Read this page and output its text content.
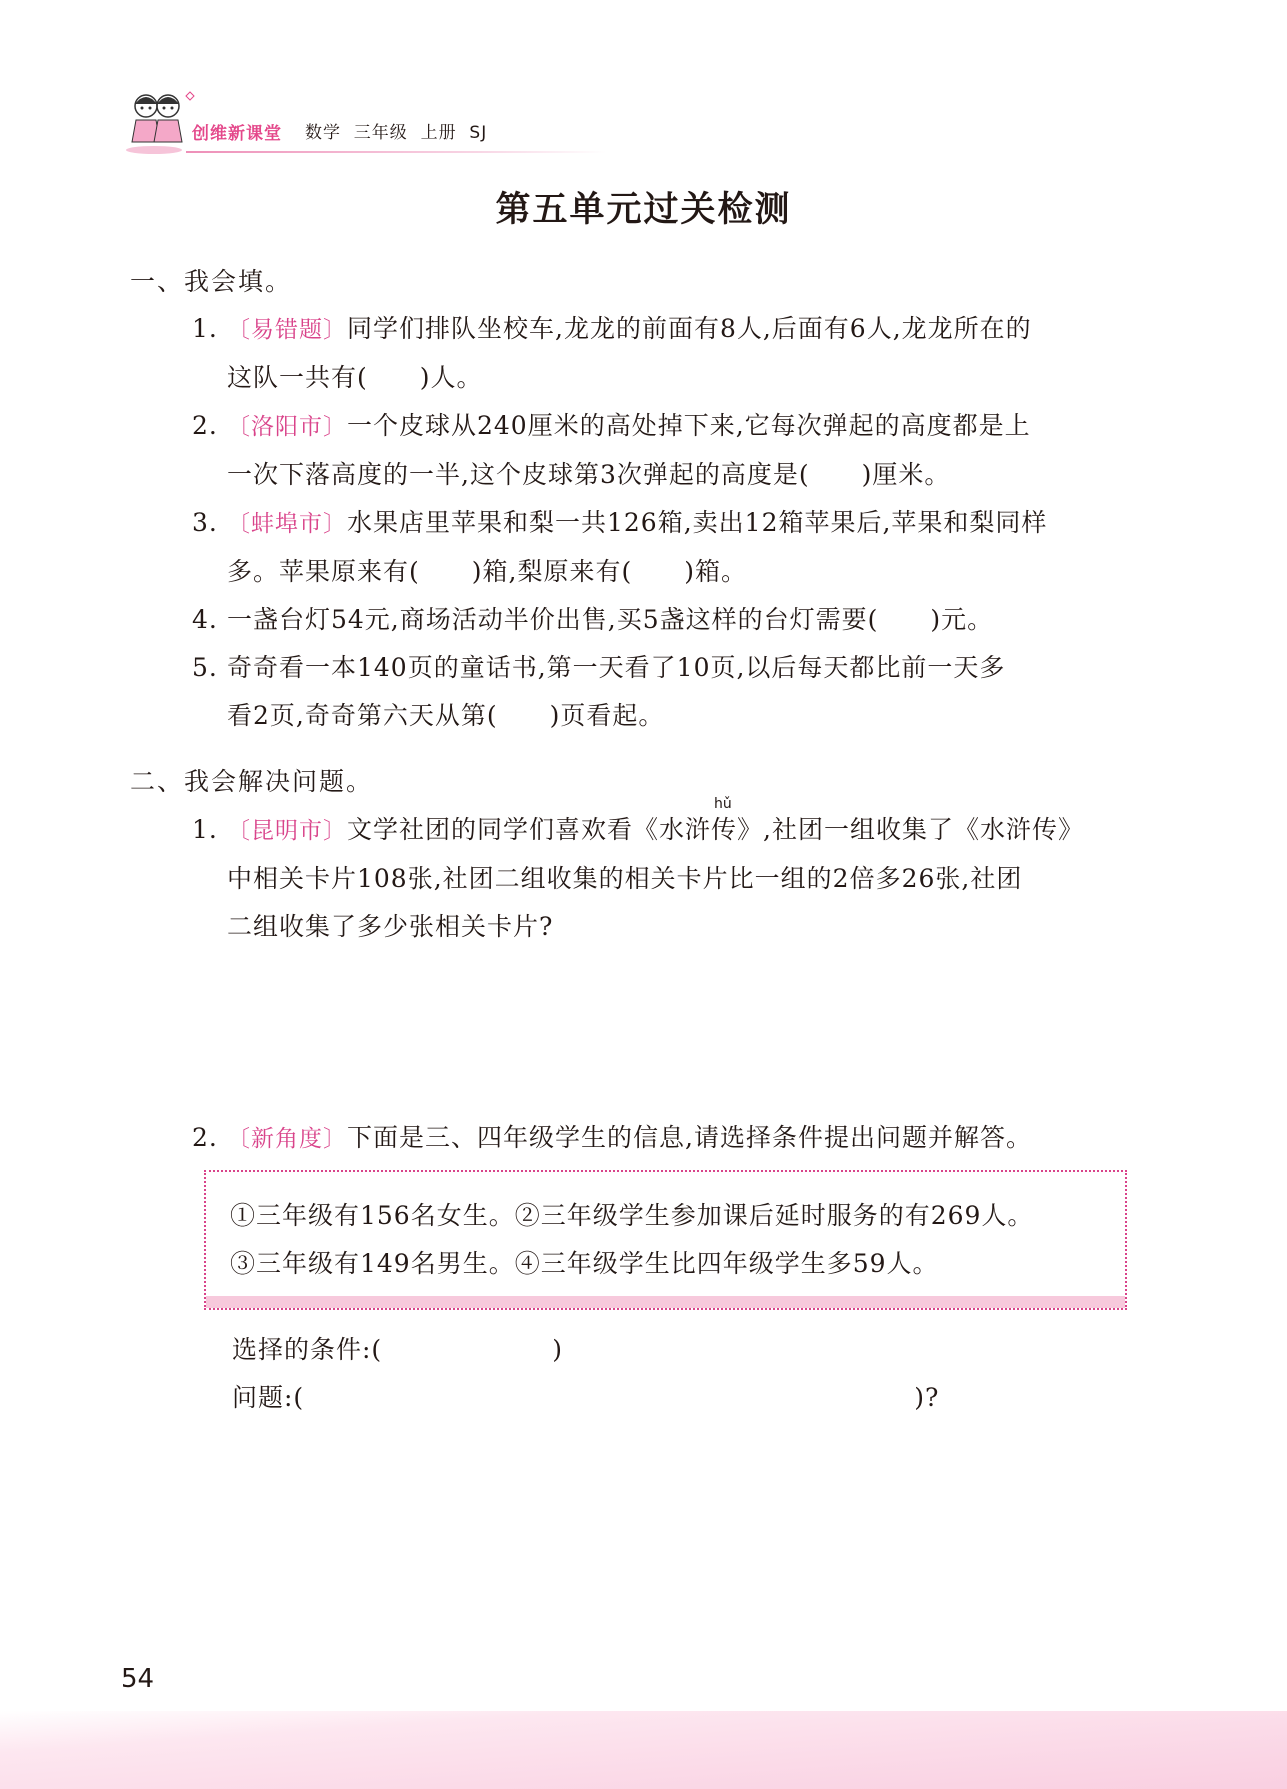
创维新课堂 数学  三年级  上册  SJ
第五单元过关检测
一、我会填。
1. 〔易错题〕同学们排队坐校车,龙龙的前面有8人,后面有6人,龙龙所在的
这队一共有( )人。
2. 〔洛阳市〕一个皮球从240厘米的高处掉下来,它每次弹起的高度都是上
一次下落高度的一半,这个皮球第3次弹起的高度是( )厘米。
3. 〔蚌埠市〕水果店里苹果和梨一共126箱,卖出12箱苹果后,苹果和梨同样
多。苹果原来有( )箱,梨原来有( )箱。
4. 一盏台灯54元,商场活动半价出售,买5盏这样的台灯需要( )元。
5. 奇奇看一本140页的童话书,第一天看了10页,以后每天都比前一天多
看2页,奇奇第六天从第( )页看起。
二、我会解决问题。
hǔ
1. 〔昆明市〕文学社团的同学们喜欢看《水浒传》,社团一组收集了《水浒传》
中相关卡片108张,社团二组收集的相关卡片比一组的2倍多26张,社团
二组收集了多少张相关卡片?
2. 〔新角度〕下面是三、四年级学生的信息,请选择条件提出问题并解答。
①三年级有156名女生。②三年级学生参加课后延时服务的有269人。
③三年级有149名男生。④三年级学生比四年级学生多59人。
选择的条件:(	)
问题:(	)?
54
